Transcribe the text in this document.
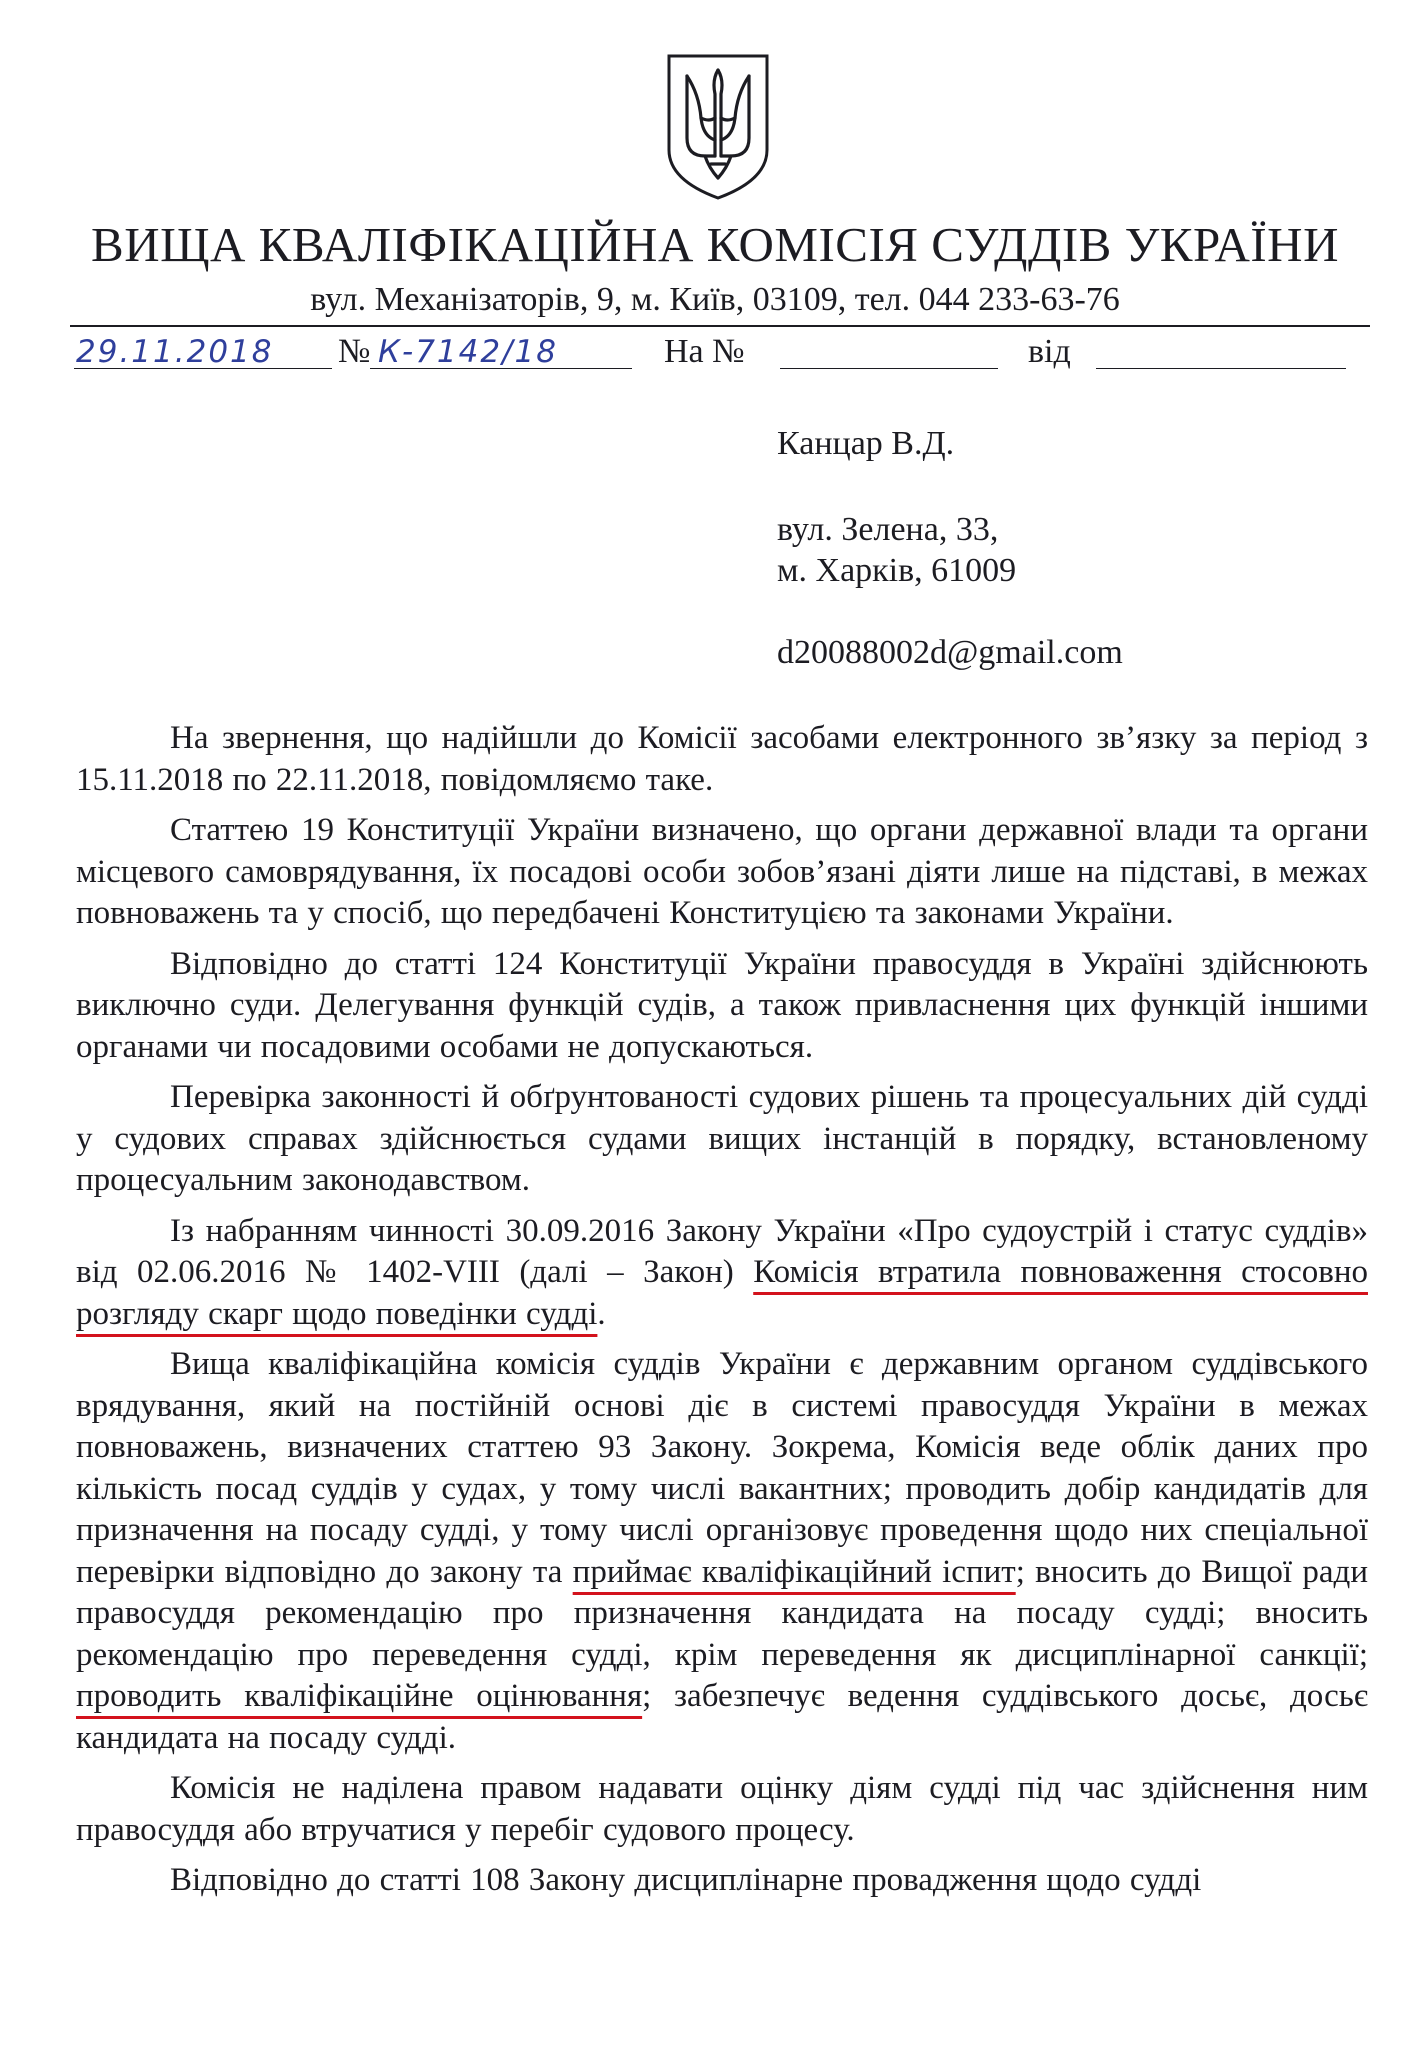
ВИЩА КВАЛІФІКАЦІЙНА КОМІСІЯ СУДДІВ УКРАЇНИ
вул. Механізаторів, 9, м. Київ, 03109, тел. 044 233-63-76
29.11.2018 № К-7142/18	На №	від
Канцар В.Д.
вул. Зелена, 33,
м. Харків, 61009
d20088002d@gmail.com

На звернення, що надійшли до Комісії засобами електронного зв’язку за період з 15.11.2018 по 22.11.2018, повідомляємо таке.

Статтею 19 Конституції України визначено, що органи державної влади та органи місцевого самоврядування, їх посадові особи зобов’язані діяти лише на підставі, в межах повноважень та у спосіб, що передбачені Конституцією та законами України.

Відповідно до статті 124 Конституції України правосуддя в Україні здійснюють виключно суди. Делегування функцій судів, а також привласнення цих функцій іншими органами чи посадовими особами не допускаються.

Перевірка законності й обґрунтованості судових рішень та процесуальних дій судді у судових справах здійснюється судами вищих інстанцій в порядку, встановленому процесуальним законодавством.

Із набранням чинності 30.09.2016 Закону України «Про судоустрій і статус суддів» від 02.06.2016 № 1402-VIII (далі – Закон) Комісія втратила повноваження стосовно розгляду скарг щодо поведінки судді.

Вища кваліфікаційна комісія суддів України є державним органом суддівського врядування, який на постійній основі діє в системі правосуддя України в межах повноважень, визначених статтею 93 Закону. Зокрема, Комісія веде облік даних про кількість посад суддів у судах, у тому числі вакантних; проводить добір кандидатів для призначення на посаду судді, у тому числі організовує проведення щодо них спеціальної перевірки відповідно до закону та приймає кваліфікаційний іспит; вносить до Вищої ради правосуддя рекомендацію про призначення кандидата на посаду судді; вносить рекомендацію про переведення судді, крім переведення як дисциплінарної санкції; проводить кваліфікаційне оцінювання; забезпечує ведення суддівського досьє, досьє кандидата на посаду судді.

Комісія не наділена правом надавати оцінку діям судді під час здійснення ним правосуддя або втручатися у перебіг судового процесу.

Відповідно до статті 108 Закону дисциплінарне провадження щодо судді
